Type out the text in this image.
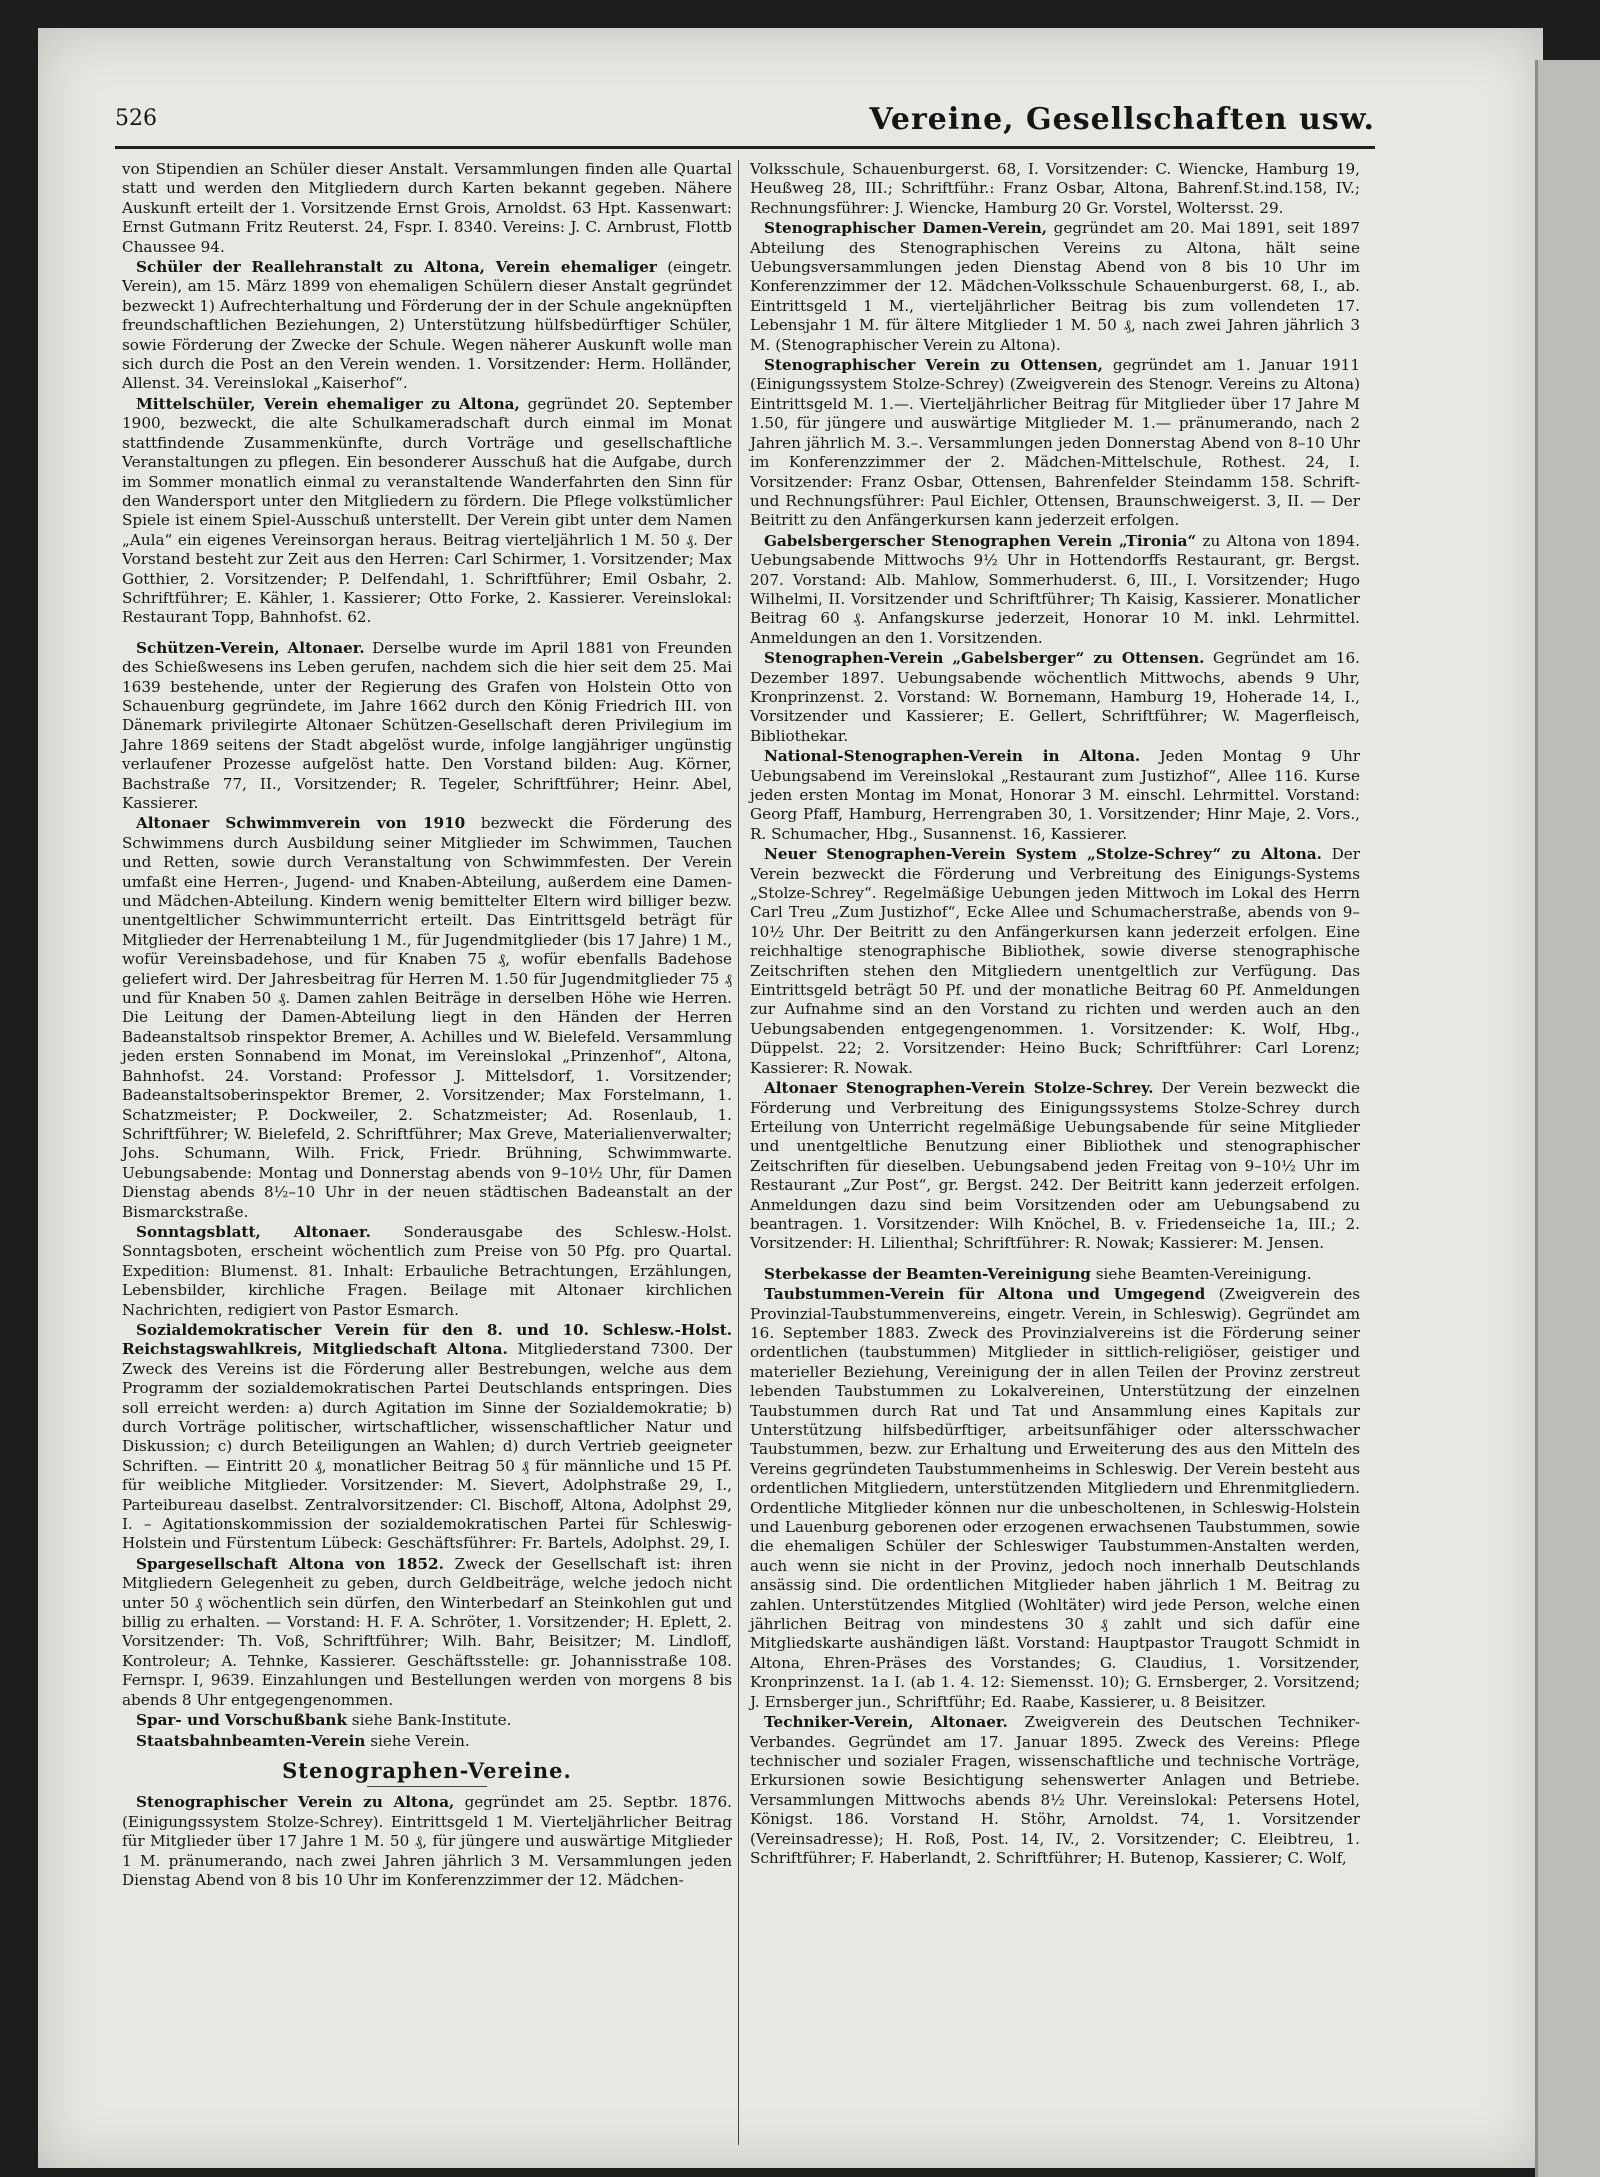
526	Vereine, Gesellschaften usw.

von Stipendien an Schüler dieser Anstalt. Versammlungen finden alle Quartal statt und werden den Mitgliedern durch Karten bekannt gegeben. Nähere Auskunft erteilt der 1. Vorsitzende Ernst Grois, Arnoldst. 63 Hpt. Kassenwart: Ernst Gutmann Fritz Reuterst. 24, Fspr. I. 8340. Vereins: J. C. Arnbrust, Flottb Chaussee 94.

Schüler der Reallehranstalt zu Altona, Verein ehemaliger (eingetr. Verein), am 15. März 1899 von ehemaligen Schülern dieser Anstalt gegründet bezweckt 1) Aufrechterhaltung und Förderung der in der Schule angeknüpften freundschaftlichen Beziehungen, 2) Unterstützung hülfsbedürftiger Schüler, sowie Förderung der Zwecke der Schule. Wegen näherer Auskunft wolle man sich durch die Post an den Verein wenden. 1. Vorsitzender: Herm. Holländer, Allenst. 34. Vereinslokal „Kaiserhof“.

Mittelschüler, Verein ehemaliger zu Altona, gegründet 20. September 1900, bezweckt, die alte Schulkameradschaft durch einmal im Monat stattfindende Zusammenkünfte, durch Vorträge und gesellschaftliche Veranstaltungen zu pflegen. Ein besonderer Ausschuß hat die Aufgabe, durch im Sommer monatlich einmal zu veranstaltende Wanderfahrten den Sinn für den Wandersport unter den Mitgliedern zu fördern. Die Pflege volkstümlicher Spiele ist einem Spiel-Ausschuß unterstellt. Der Verein gibt unter dem Namen „Aula“ ein eigenes Vereinsorgan heraus. Beitrag vierteljährlich 1 M. 50 ₰. Der Vorstand besteht zur Zeit aus den Herren: Carl Schirmer, 1. Vorsitzender; Max Gotthier, 2. Vorsitzender; P. Delfendahl, 1. Schriftführer; Emil Osbahr, 2. Schriftführer; E. Kähler, 1. Kassierer; Otto Forke, 2. Kassierer. Vereinslokal: Restaurant Topp, Bahnhofst. 62.

Schützen-Verein, Altonaer. Derselbe wurde im April 1881 von Freunden des Schießwesens ins Leben gerufen, nachdem sich die hier seit dem 25. Mai 1639 bestehende, unter der Regierung des Grafen von Holstein Otto von Schauenburg gegründete, im Jahre 1662 durch den König Friedrich III. von Dänemark privilegirte Altonaer Schützen-Gesellschaft deren Privilegium im Jahre 1869 seitens der Stadt abgelöst wurde, infolge langjähriger ungünstig verlaufener Prozesse aufgelöst hatte. Den Vorstand bilden: Aug. Körner, Bachstraße 77, II., Vorsitzender; R. Tegeler, Schriftführer; Heinr. Abel, Kassierer.

Altonaer Schwimmverein von 1910 bezweckt die Förderung des Schwimmens durch Ausbildung seiner Mitglieder im Schwimmen, Tauchen und Retten, sowie durch Veranstaltung von Schwimmfesten. Der Verein umfaßt eine Herren-, Jugend- und Knaben-Abteilung, außerdem eine Damen- und Mädchen-Abteilung. Kindern wenig bemittelter Eltern wird billiger bezw. unentgeltlicher Schwimmunterricht erteilt. Das Eintrittsgeld beträgt für Mitglieder der Herrenabteilung 1 M., für Jugendmitglieder (bis 17 Jahre) 1 M., wofür Vereinsbadehose, und für Knaben 75 ₰, wofür ebenfalls Badehose geliefert wird. Der Jahresbeitrag für Herren M. 1.50 für Jugendmitglieder 75 ₰ und für Knaben 50 ₰. Damen zahlen Beiträge in derselben Höhe wie Herren. Die Leitung der Damen-Abteilung liegt in den Händen der Herren Badeanstaltsob rinspektor Bremer, A. Achilles und W. Bielefeld. Versammlung jeden ersten Sonnabend im Monat, im Vereinslokal „Prinzenhof“, Altona, Bahnhofst. 24. Vorstand: Professor J. Mittelsdorf, 1. Vorsitzender; Badeanstaltsoberinspektor Bremer, 2. Vorsitzender; Max Forstelmann, 1. Schatzmeister; P. Dockweiler, 2. Schatzmeister; Ad. Rosenlaub, 1. Schriftführer; W. Bielefeld, 2. Schriftführer; Max Greve, Materialienverwalter; Johs. Schumann, Wilh. Frick, Friedr. Brühning, Schwimmwarte. Uebungsabende: Montag und Donnerstag abends von 9–10½ Uhr, für Damen Dienstag abends 8½–10 Uhr in der neuen städtischen Badeanstalt an der Bismarckstraße.

Sonntagsblatt, Altonaer. Sonderausgabe des Schlesw.-Holst. Sonntagsboten, erscheint wöchentlich zum Preise von 50 Pfg. pro Quartal. Expedition: Blumenst. 81. Inhalt: Erbauliche Betrachtungen, Erzählungen, Lebensbilder, kirchliche Fragen. Beilage mit Altonaer kirchlichen Nachrichten, redigiert von Pastor Esmarch.

Sozialdemokratischer Verein für den 8. und 10. Schlesw.-Holst. Reichstagswahlkreis, Mitgliedschaft Altona. Mitgliederstand 7300. Der Zweck des Vereins ist die Förderung aller Bestrebungen, welche aus dem Programm der sozialdemokratischen Partei Deutschlands entspringen. Dies soll erreicht werden: a) durch Agitation im Sinne der Sozialdemokratie; b) durch Vorträge politischer, wirtschaftlicher, wissenschaftlicher Natur und Diskussion; c) durch Beteiligungen an Wahlen; d) durch Vertrieb geeigneter Schriften. — Eintritt 20 ₰, monatlicher Beitrag 50 ₰ für männliche und 15 Pf. für weibliche Mitglieder. Vorsitzender: M. Sievert, Adolphstraße 29, I., Parteibureau daselbst. Zentralvorsitzender: Cl. Bischoff, Altona, Adolphst 29, I. – Agitationskommission der sozialdemokratischen Partei für Schleswig-Holstein und Fürstentum Lübeck: Geschäftsführer: Fr. Bartels, Adolphst. 29, I.

Spargesellschaft Altona von 1852. Zweck der Gesellschaft ist: ihren Mitgliedern Gelegenheit zu geben, durch Geldbeiträge, welche jedoch nicht unter 50 ₰ wöchentlich sein dürfen, den Winterbedarf an Steinkohlen gut und billig zu erhalten. — Vorstand: H. F. A. Schröter, 1. Vorsitzender; H. Eplett, 2. Vorsitzender: Th. Voß, Schriftführer; Wilh. Bahr, Beisitzer; M. Lindloff, Kontroleur; A. Tehnke, Kassierer. Geschäftsstelle: gr. Johannisstraße 108. Fernspr. I, 9639. Einzahlungen und Bestellungen werden von morgens 8 bis abends 8 Uhr entgegengenommen.

Spar- und Vorschußbank siehe Bank-Institute.

Staatsbahnbeamten-Verein siehe Verein.

Stenographen-Vereine.

Stenographischer Verein zu Altona, gegründet am 25. Septbr. 1876. (Einigungssystem Stolze-Schrey). Eintrittsgeld 1 M. Vierteljährlicher Beitrag für Mitglieder über 17 Jahre 1 M. 50 ₰, für jüngere und auswärtige Mitglieder 1 M. pränumerando, nach zwei Jahren jährlich 3 M. Versammlungen jeden Dienstag Abend von 8 bis 10 Uhr im Konferenzzimmer der 12. Mädchen-

Volksschule, Schauenburgerst. 68, I. Vorsitzender: C. Wiencke, Hamburg 19, Heußweg 28, III.; Schriftführ.: Franz Osbar, Altona, Bahrenf.St.ind.158, IV.; Rechnungsführer: J. Wiencke, Hamburg 20 Gr. Vorstel, Woltersst. 29.

Stenographischer Damen-Verein, gegründet am 20. Mai 1891, seit 1897 Abteilung des Stenographischen Vereins zu Altona, hält seine Uebungsversammlungen jeden Dienstag Abend von 8 bis 10 Uhr im Konferenzzimmer der 12. Mädchen-Volksschule Schauenburgerst. 68, I., ab. Eintrittsgeld 1 M., vierteljährlicher Beitrag bis zum vollendeten 17. Lebensjahr 1 M. für ältere Mitglieder 1 M. 50 ₰, nach zwei Jahren jährlich 3 M. (Stenographischer Verein zu Altona).

Stenographischer Verein zu Ottensen, gegründet am 1. Januar 1911 (Einigungssystem Stolze-Schrey) (Zweigverein des Stenogr. Vereins zu Altona) Eintrittsgeld M. 1.—. Vierteljährlicher Beitrag für Mitglieder über 17 Jahre M 1.50, für jüngere und auswärtige Mitglieder M. 1.— pränumerando, nach 2 Jahren jährlich M. 3.–. Versammlungen jeden Donnerstag Abend von 8–10 Uhr im Konferenzzimmer der 2. Mädchen-Mittelschule, Rothest. 24, I. Vorsitzender: Franz Osbar, Ottensen, Bahrenfelder Steindamm 158. Schrift- und Rechnungsführer: Paul Eichler, Ottensen, Braunschweigerst. 3, II. — Der Beitritt zu den Anfängerkursen kann jederzeit erfolgen.

Gabelsbergerscher Stenographen Verein „Tironia“ zu Altona von 1894. Uebungsabende Mittwochs 9½ Uhr in Hottendorffs Restaurant, gr. Bergst. 207. Vorstand: Alb. Mahlow, Sommerhuderst. 6, III., I. Vorsitzender; Hugo Wilhelmi, II. Vorsitzender und Schriftführer; Th Kaisig, Kassierer. Monatlicher Beitrag 60 ₰. Anfangskurse jederzeit, Honorar 10 M. inkl. Lehrmittel. Anmeldungen an den 1. Vorsitzenden.

Stenographen-Verein „Gabelsberger“ zu Ottensen. Gegründet am 16. Dezember 1897. Uebungsabende wöchentlich Mittwochs, abends 9 Uhr, Kronprinzenst. 2. Vorstand: W. Bornemann, Hamburg 19, Hoherade 14, I., Vorsitzender und Kassierer; E. Gellert, Schriftführer; W. Magerfleisch, Bibliothekar.

National-Stenographen-Verein in Altona. Jeden Montag 9 Uhr Uebungsabend im Vereinslokal „Restaurant zum Justizhof“, Allee 116. Kurse jeden ersten Montag im Monat, Honorar 3 M. einschl. Lehrmittel. Vorstand: Georg Pfaff, Hamburg, Herrengraben 30, 1. Vorsitzender; Hinr Maje, 2. Vors., R. Schumacher, Hbg., Susannenst. 16, Kassierer.

Neuer Stenographen-Verein System „Stolze-Schrey“ zu Altona. Der Verein bezweckt die Förderung und Verbreitung des Einigungs-Systems „Stolze-Schrey“. Regelmäßige Uebungen jeden Mittwoch im Lokal des Herrn Carl Treu „Zum Justizhof“, Ecke Allee und Schumacherstraße, abends von 9–10½ Uhr. Der Beitritt zu den Anfängerkursen kann jederzeit erfolgen. Eine reichhaltige stenographische Bibliothek, sowie diverse stenographische Zeitschriften stehen den Mitgliedern unentgeltlich zur Verfügung. Das Eintrittsgeld beträgt 50 Pf. und der monatliche Beitrag 60 Pf. Anmeldungen zur Aufnahme sind an den Vorstand zu richten und werden auch an den Uebungsabenden entgegengenommen. 1. Vorsitzender: K. Wolf, Hbg., Düppelst. 22; 2. Vorsitzender: Heino Buck; Schriftführer: Carl Lorenz; Kassierer: R. Nowak.

Altonaer Stenographen-Verein Stolze-Schrey. Der Verein bezweckt die Förderung und Verbreitung des Einigungssystems Stolze-Schrey durch Erteilung von Unterricht regelmäßige Uebungsabende für seine Mitglieder und unentgeltliche Benutzung einer Bibliothek und stenographischer Zeitschriften für dieselben. Uebungsabend jeden Freitag von 9–10½ Uhr im Restaurant „Zur Post“, gr. Bergst. 242. Der Beitritt kann jederzeit erfolgen. Anmeldungen dazu sind beim Vorsitzenden oder am Uebungsabend zu beantragen. 1. Vorsitzender: Wilh Knöchel, B. v. Friedenseiche 1a, III.; 2. Vorsitzender: H. Lilienthal; Schriftführer: R. Nowak; Kassierer: M. Jensen.

Sterbekasse der Beamten-Vereinigung siehe Beamten-Vereinigung.

Taubstummen-Verein für Altona und Umgegend (Zweigverein des Provinzial-Taubstummenvereins, eingetr. Verein, in Schleswig). Gegründet am 16. September 1883. Zweck des Provinzialvereins ist die Förderung seiner ordentlichen (taubstummen) Mitglieder in sittlich-religiöser, geistiger und materieller Beziehung, Vereinigung der in allen Teilen der Provinz zerstreut lebenden Taubstummen zu Lokalvereinen, Unterstützung der einzelnen Taubstummen durch Rat und Tat und Ansammlung eines Kapitals zur Unterstützung hilfsbedürftiger, arbeitsunfähiger oder altersschwacher Taubstummen, bezw. zur Erhaltung und Erweiterung des aus den Mitteln des Vereins gegründeten Taubstummenheims in Schleswig. Der Verein besteht aus ordentlichen Mitgliedern, unterstützenden Mitgliedern und Ehrenmitgliedern. Ordentliche Mitglieder können nur die unbescholtenen, in Schleswig-Holstein und Lauenburg geborenen oder erzogenen erwachsenen Taubstummen, sowie die ehemaligen Schüler der Schleswiger Taubstummen-Anstalten werden, auch wenn sie nicht in der Provinz, jedoch noch innerhalb Deutschlands ansässig sind. Die ordentlichen Mitglieder haben jährlich 1 M. Beitrag zu zahlen. Unterstützendes Mitglied (Wohltäter) wird jede Person, welche einen jährlichen Beitrag von mindestens 30 ₰ zahlt und sich dafür eine Mitgliedskarte aushändigen läßt. Vorstand: Hauptpastor Traugott Schmidt in Altona, Ehren-Präses des Vorstandes; G. Claudius, 1. Vorsitzender, Kronprinzenst. 1a I. (ab 1. 4. 12: Siemensst. 10); G. Ernsberger, 2. Vorsitzend; J. Ernsberger jun., Schriftführ; Ed. Raabe, Kassierer, u. 8 Beisitzer.

Techniker-Verein, Altonaer. Zweigverein des Deutschen Techniker-Verbandes. Gegründet am 17. Januar 1895. Zweck des Vereins: Pflege technischer und sozialer Fragen, wissenschaftliche und technische Vorträge, Erkursionen sowie Besichtigung sehenswerter Anlagen und Betriebe. Versammlungen Mittwochs abends 8½ Uhr. Vereinslokal: Petersens Hotel, Königst. 186. Vorstand H. Stöhr, Arnoldst. 74, 1. Vorsitzender (Vereinsadresse); H. Roß, Post. 14, IV., 2. Vorsitzender; C. Eleibtreu, 1. Schriftführer; F. Haberlandt, 2. Schriftführer; H. Butenop, Kassierer; C. Wolf,
